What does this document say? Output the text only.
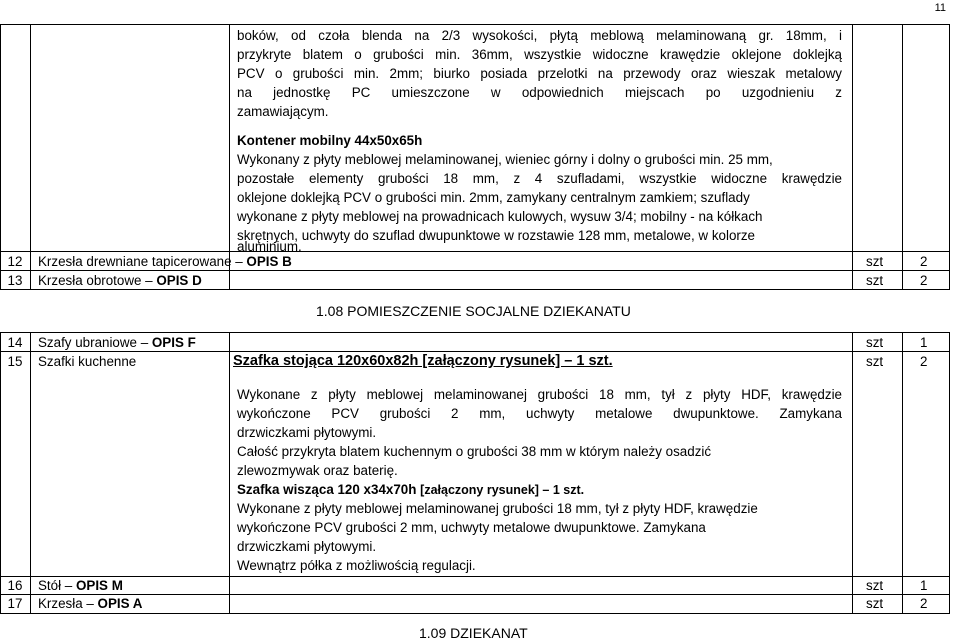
11
boków, od czoła blenda na 2/3 wysokości, płytą meblową melaminowaną gr. 18mm, i
przykryte blatem o grubości min. 36mm, wszystkie widoczne krawędzie oklejone doklejką
PCV o grubości min. 2mm; biurko posiada przelotki na przewody oraz wieszak metalowy
na jednostkę PC umieszczone w odpowiednich miejscach po uzgodnieniu z
zamawiającym.
Kontener mobilny 44x50x65h
Wykonany z płyty meblowej melaminowanej, wieniec górny i dolny o grubości min. 25 mm,
pozostałe elementy grubości 18 mm, z 4 szufladami, wszystkie widoczne krawędzie
oklejone doklejką PCV o grubości min. 2mm, zamykany centralnym zamkiem; szuflady
wykonane z płyty meblowej na prowadnicach kulowych, wysuw 3/4; mobilny - na kółkach
skrętnych, uchwyty do szuflad dwupunktowe w rozstawie 128 mm, metalowe, w kolorze
aluminium.
12	Krzesła drewniane tapicerowane – OPIS B	szt	2
13	Krzesła obrotowe – OPIS D	szt	2
1.08 POMIESZCZENIE SOCJALNE DZIEKANATU
14	Szafy ubraniowe – OPIS F	szt	1
15	Szafki kuchenne	szt	2
Szafka stojąca 120x60x82h [załączony rysunek] – 1 szt.
Wykonane z płyty meblowej melaminowanej grubości 18 mm, tył z płyty HDF, krawędzie
wykończone PCV grubości 2 mm, uchwyty metalowe dwupunktowe. Zamykana
drzwiczkami płytowymi.
Całość przykryta blatem kuchennym o grubości 38 mm w którym należy osadzić
zlewozmywak oraz baterię.
Szafka wisząca 120 x34x70h [załączony rysunek] – 1 szt.
Wykonane z płyty meblowej melaminowanej grubości 18 mm, tył z płyty HDF, krawędzie
wykończone PCV grubości 2 mm, uchwyty metalowe dwupunktowe. Zamykana
drzwiczkami płytowymi.
Wewnątrz półka z możliwością regulacji.
16	Stół – OPIS M	szt	1
17	Krzesła – OPIS A	szt	2
1.09 DZIEKANAT
